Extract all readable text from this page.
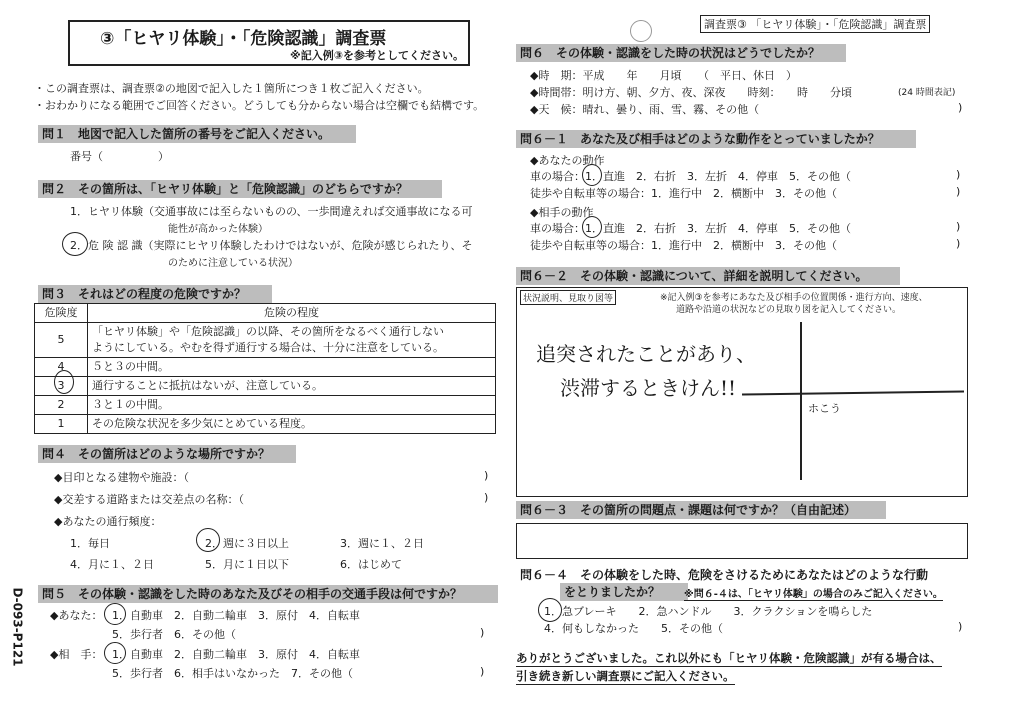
③「ヒヤリ体験」・「危険認識」調査票
※記入例③を参考としてください。
調査票③ 「ヒヤリ体験」・「危険認識」調査票
D-093-P121
・この調査票は、調査票②の地図で記入した１箇所につき１枚ご記入ください。
・おわかりになる範囲でご回答ください。どうしても分からない場合は空欄でも結構です。
問１　地図で記入した箇所の番号をご記入ください。
番号（　　　　　）
問２　その箇所は、「ヒヤリ体験」と「危険認識」のどちらですか？
1．ヒヤリ体験（交通事故には至らないものの、一歩間違えれば交通事故になる可
能性が高かった体験）
2．危 険 認 識（実際にヒヤリ体験したわけではないが、危険が感じられたり、そ
のために注意している状況）
問３　それはどの程度の危険ですか？
危険度	危険の程度
5	「ヒヤリ体験」や「危険認識」の以降、その箇所をなるべく通行しない
ようにしている。やむを得ず通行する場合は、十分に注意をしている。

4	５と３の中間。
3	通行することに抵抗はないが、注意している。
2	３と１の中間。
1	その危険な状況を多少気にとめている程度。
問４　その箇所はどのような場所ですか？
◆目印となる建物や施設：（	)
◆交差する道路または交差点の名称：（	)
◆あなたの通行頻度：
1．毎日	2．週に３日以上	3．週に１、２日
4．月に１、２日	5．月に１日以下	6．はじめて
問５　その体験・認識をした時のあなた及びその相手の交通手段は何ですか？
◆あなた： 1．自動車　2．自動二輪車　3．原付　4．自転車
5．歩行者　6．その他（	)
◆相　手： 1．自動車　2．自動二輪車　3．原付　4．自転車
5．歩行者　6．相手はいなかった　7．その他（	)
問６　その体験・認識をした時の状況はどうでしたか？
◆時　期：平成　　年　　月頃　　（　平日、休日　）
◆時間帯：明け方、朝、夕方、夜、深夜　　時刻：　　時　　分頃	(24 時間表記)
◆天　候：晴れ、曇り、雨、雪、霧、その他（	)
問６－１　あなた及び相手はどのような動作をとっていましたか？
◆あなたの動作
車の場合：1．直進　2．右折　3．左折　4．停車　5．その他（	)
徒歩や自転車等の場合：1．進行中　2．横断中　3．その他（	)
◆相手の動作
車の場合：1．直進　2．右折　3．左折　4．停車　5．その他（	)
徒歩や自転車等の場合：1．進行中　2．横断中　3．その他（	)
問６－２　その体験・認識について、詳細を説明してください。
状況説明、見取り図等	※記入例③を参考にあなた及び相手の位置関係・進行方向、速度、
道路や沿道の状況などの見取り図を記入してください。
追突されたことがあり、
渋滞するときけん!!
ホこう
問６－３　その箇所の問題点・課題は何ですか？（自由記述）
問６－４　その体験をした時、危険をさけるためにあなたはどのような行動
をとりましたか？	※問６-４は、「ヒヤリ体験」の場合のみご記入ください。
1．急ブレーキ　　2．急ハンドル　　3．クラクションを鳴らした
4．何もしなかった　　5．その他（	)
ありがとうございました。これ以外にも「ヒヤリ体験・危険認識」が有る場合は、
引き続き新しい調査票にご記入ください。
